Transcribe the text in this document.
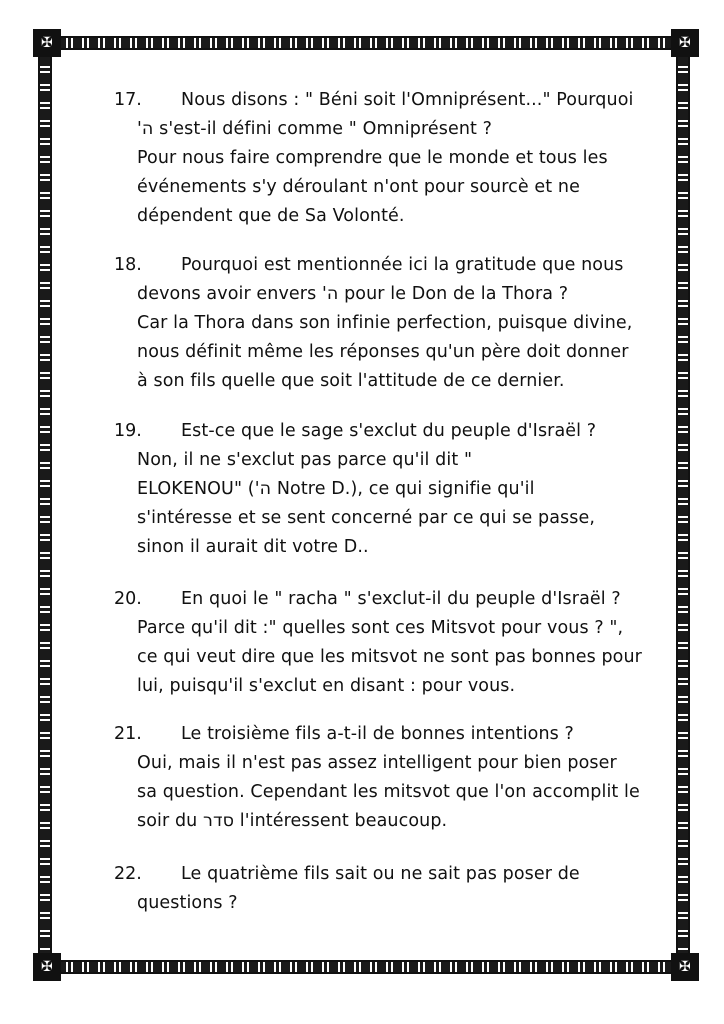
✠	✠
✠	✠
17.	Nous disons : " Béni soit l'Omniprésent..." Pourquoi
'ה s'est-il défini comme " Omniprésent ?
Pour nous faire comprendre que le monde et tous les
événements s'y déroulant n'ont pour sourcè et ne
dépendent que de Sa Volonté.
18.	Pourquoi est mentionnée ici la gratitude que nous
devons avoir envers 'ה pour le Don de la Thora ?
Car la Thora dans son infinie perfection, puisque divine,
nous définit même les réponses qu'un père doit donner
à son fils quelle que soit l'attitude de ce dernier.
19.	Est-ce que le sage s'exclut du peuple d'Israël ?
Non, il ne s'exclut pas parce qu'il dit "
ELOKENOU" ('ה Notre D.), ce qui signifie qu'il
s'intéresse et se sent concerné par ce qui se passe,
sinon il aurait dit votre D..
20.	En quoi le " racha " s'exclut-il du peuple d'Israël ?
Parce qu'il dit :" quelles sont ces Mitsvot pour vous ? ",
ce qui veut dire que les mitsvot ne sont pas bonnes pour
lui, puisqu'il s'exclut en disant : pour vous.
21.	Le troisième fils a-t-il de bonnes intentions ?
Oui, mais il n'est pas assez intelligent pour bien poser
sa question. Cependant les mitsvot que l'on accomplit le
soir du סדר l'intéressent beaucoup.
22.	Le quatrième fils sait ou ne sait pas poser de
questions ?
